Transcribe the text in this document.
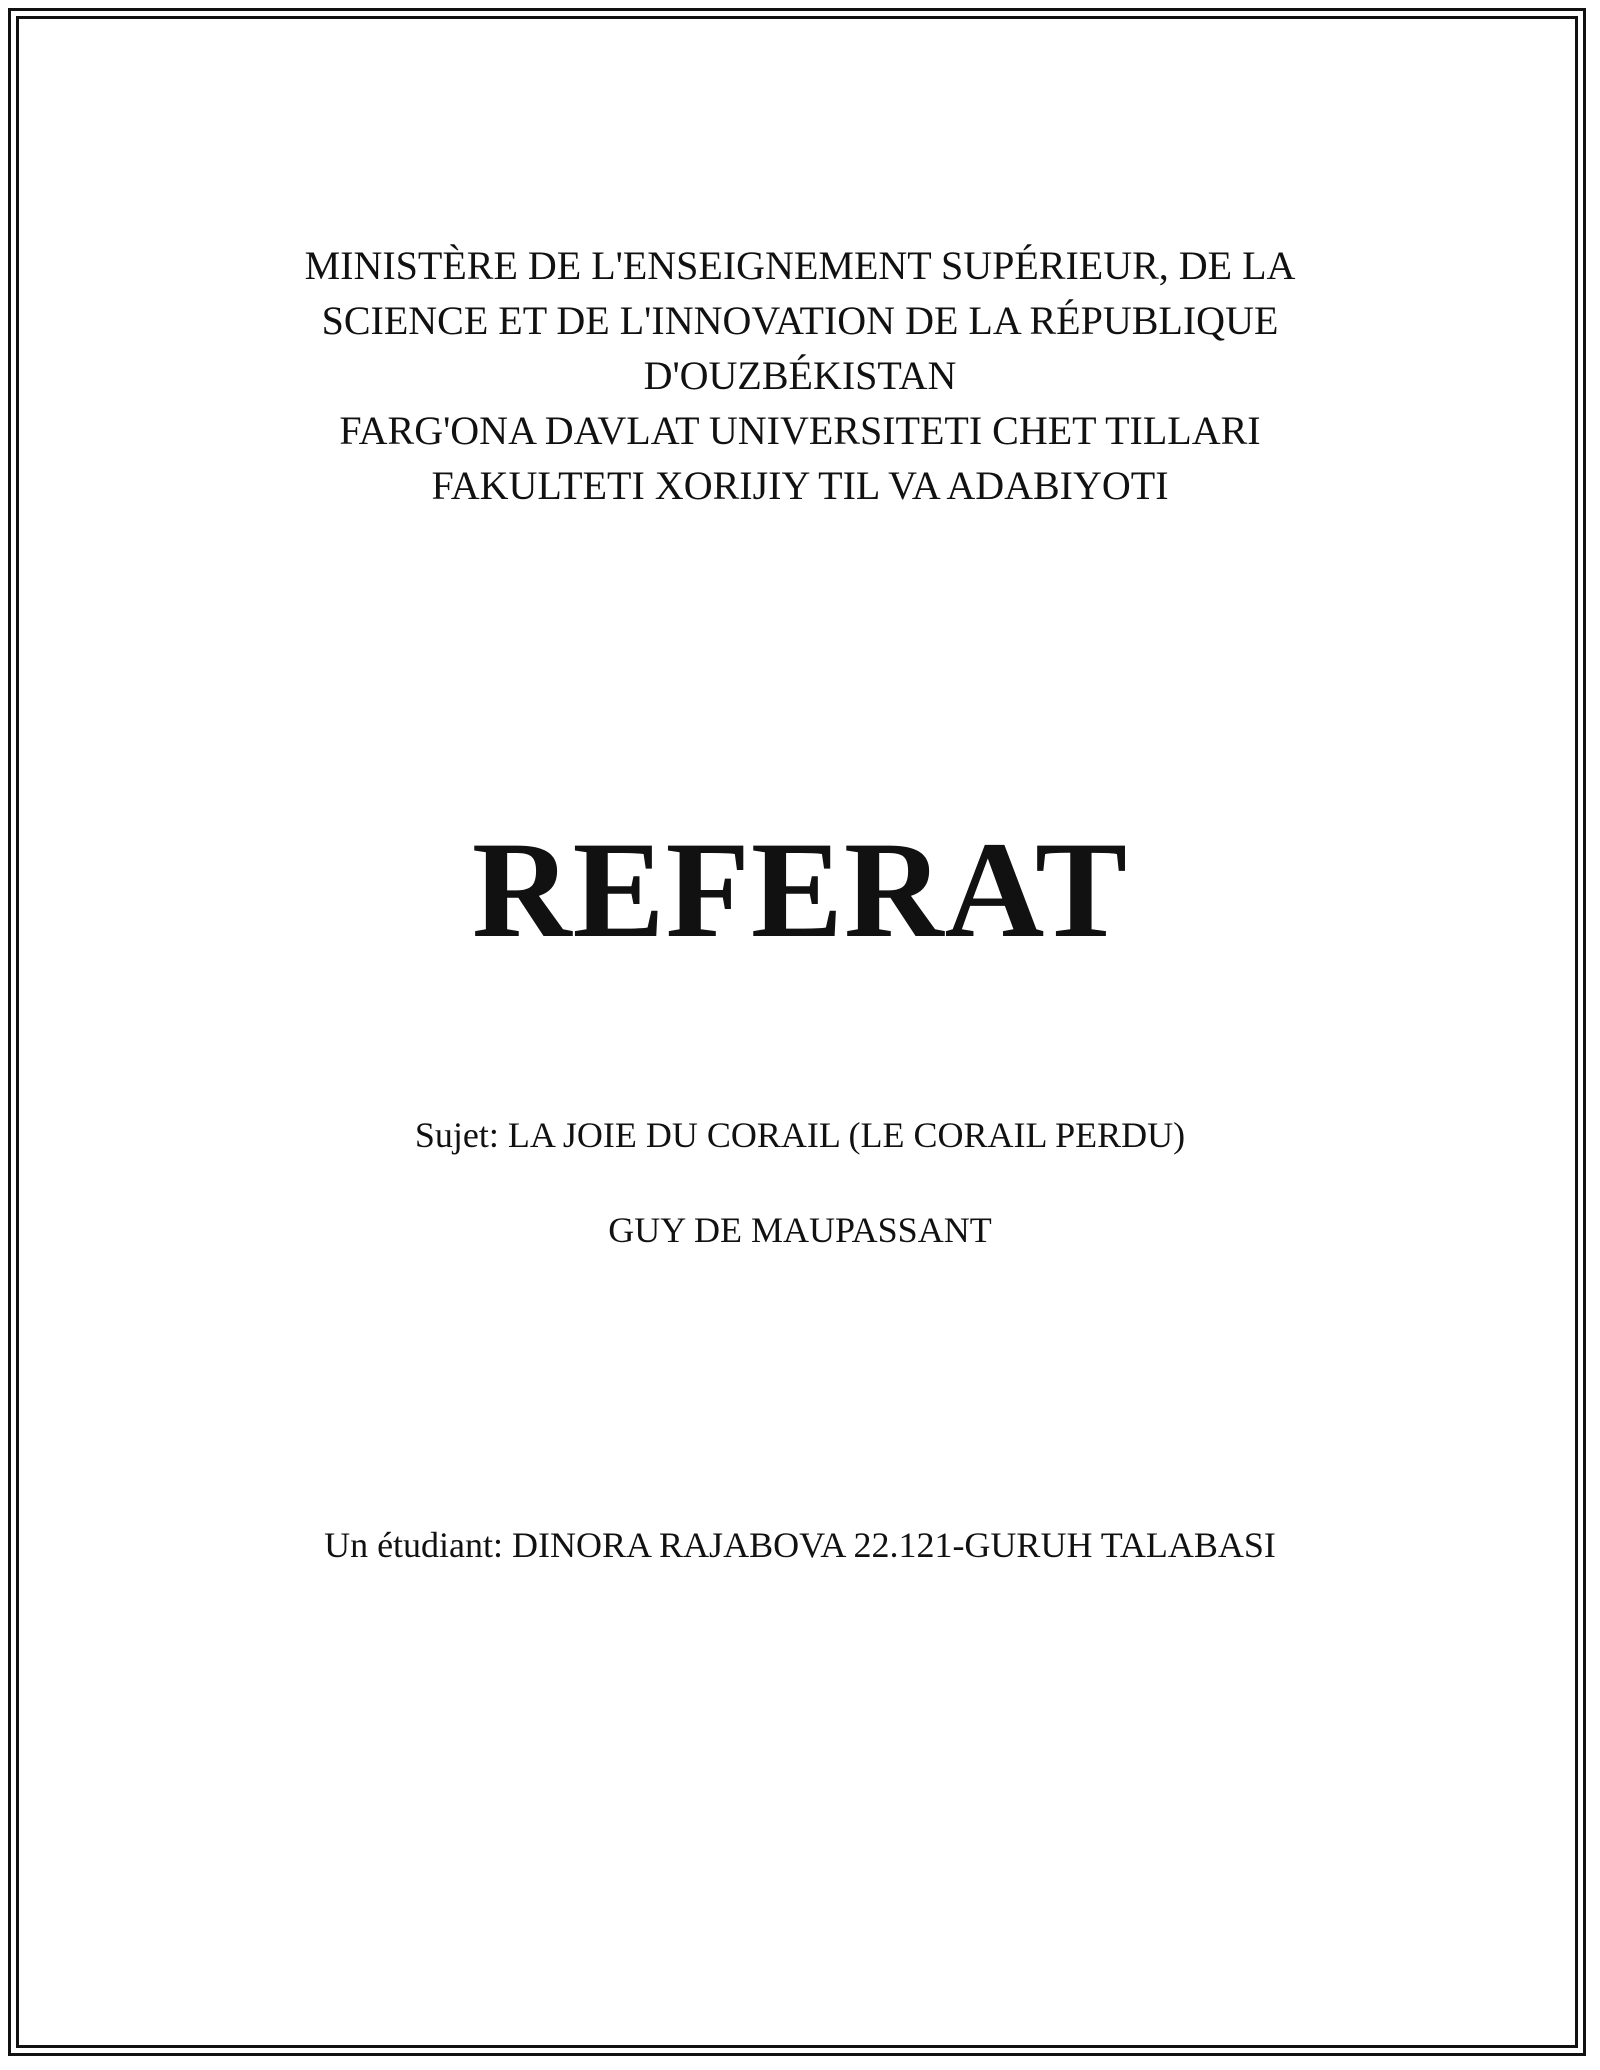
MINISTÈRE DE L'ENSEIGNEMENT SUPÉRIEUR, DE LA
SCIENCE ET DE L'INNOVATION DE LA RÉPUBLIQUE
D'OUZBÉKISTAN
FARG'ONA DAVLAT UNIVERSITETI CHET TILLARI
FAKULTETI XORIJIY TIL VA ADABIYOTI
REFERAT
Sujet: LA JOIE DU CORAIL (LE CORAIL PERDU)
GUY DE MAUPASSANT
Un étudiant: DINORA RAJABOVA 22.121-GURUH TALABASI
